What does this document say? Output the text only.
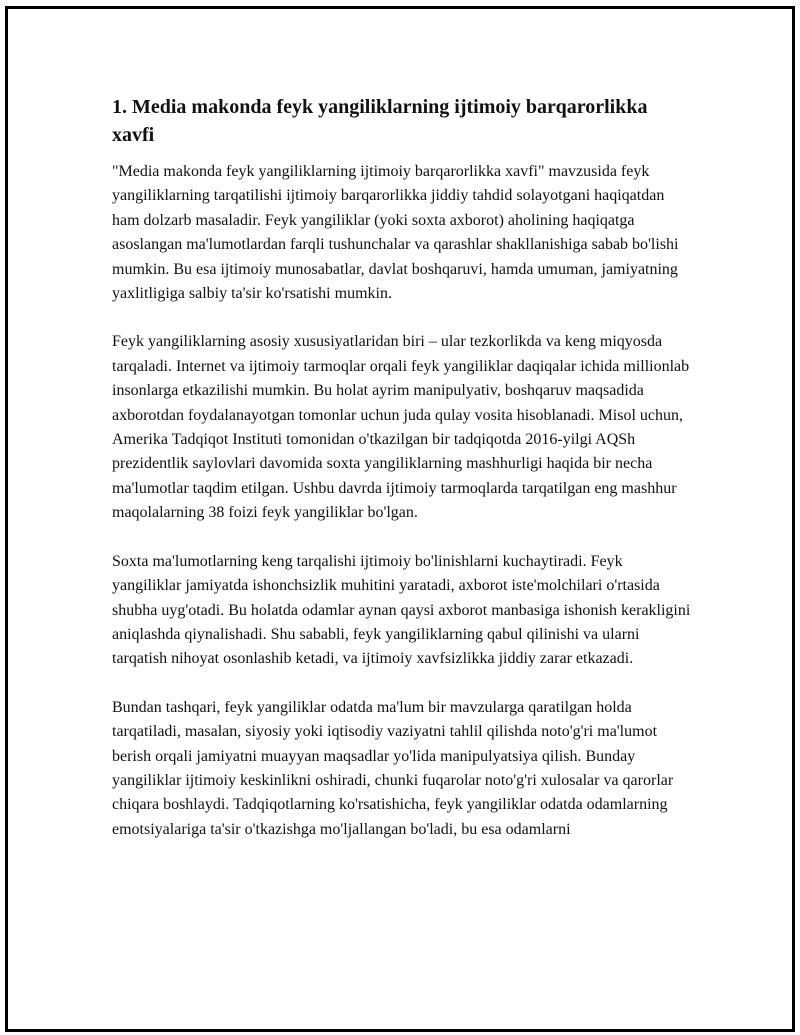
1. Media makonda feyk yangiliklarning ijtimoiy barqarorlikka xavfi

"Media makonda feyk yangiliklarning ijtimoiy barqarorlikka xavfi" mavzusida feyk yangiliklarning tarqatilishi ijtimoiy barqarorlikka jiddiy tahdid solayotgani haqiqatdan ham dolzarb masaladir. Feyk yangiliklar (yoki soxta axborot) aholining haqiqatga asoslangan ma'lumotlardan farqli tushunchalar va qarashlar shakllanishiga sabab bo'lishi mumkin. Bu esa ijtimoiy munosabatlar, davlat boshqaruvi, hamda umuman, jamiyatning yaxlitligiga salbiy ta'sir ko'rsatishi mumkin.

Feyk yangiliklarning asosiy xususiyatlaridan biri – ular tezkorlikda va keng miqyosda tarqaladi. Internet va ijtimoiy tarmoqlar orqali feyk yangiliklar daqiqalar ichida millionlab insonlarga etkazilishi mumkin. Bu holat ayrim manipulyativ, boshqaruv maqsadida axborotdan foydalanayotgan tomonlar uchun juda qulay vosita hisoblanadi. Misol uchun, Amerika Tadqiqot Instituti tomonidan o'tkazilgan bir tadqiqotda 2016-yilgi AQSh prezidentlik saylovlari davomida soxta yangiliklarning mashhurligi haqida bir necha ma'lumotlar taqdim etilgan. Ushbu davrda ijtimoiy tarmoqlarda tarqatilgan eng mashhur maqolalarning 38 foizi feyk yangiliklar bo'lgan.

Soxta ma'lumotlarning keng tarqalishi ijtimoiy bo'linishlarni kuchaytiradi. Feyk yangiliklar jamiyatda ishonchsizlik muhitini yaratadi, axborot iste'molchilari o'rtasida shubha uyg'otadi. Bu holatda odamlar aynan qaysi axborot manbasiga ishonish kerakligini aniqlashda qiynalishadi. Shu sababli, feyk yangiliklarning qabul qilinishi va ularni tarqatish nihoyat osonlashib ketadi, va ijtimoiy xavfsizlikka jiddiy zarar etkazadi.

Bundan tashqari, feyk yangiliklar odatda ma'lum bir mavzularga qaratilgan holda tarqatiladi, masalan, siyosiy yoki iqtisodiy vaziyatni tahlil qilishda noto'g'ri ma'lumot berish orqali jamiyatni muayyan maqsadlar yo'lida manipulyatsiya qilish. Bunday yangiliklar ijtimoiy keskinlikni oshiradi, chunki fuqarolar noto'g'ri xulosalar va qarorlar chiqara boshlaydi. Tadqiqotlarning ko'rsatishicha, feyk yangiliklar odatda odamlarning emotsiyalariga ta'sir o'tkazishga mo'ljallangan bo'ladi, bu esa odamlarni
